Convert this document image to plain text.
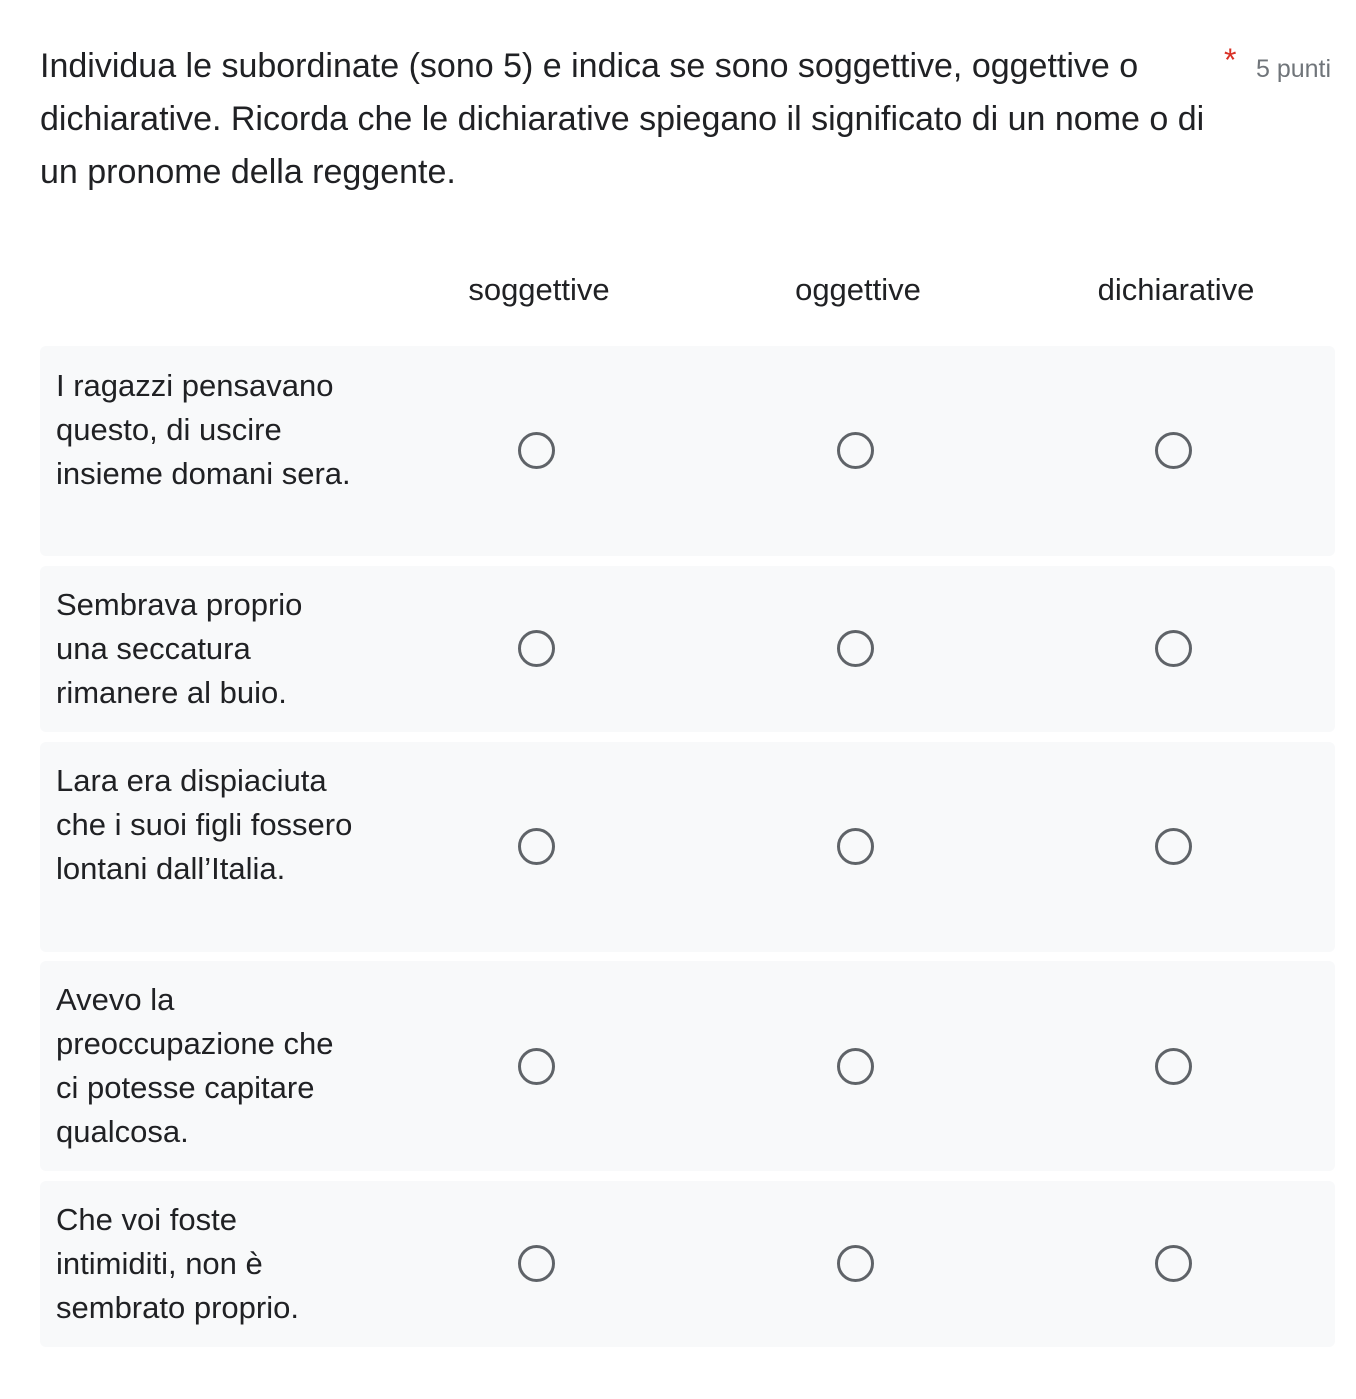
Individua le subordinate (sono 5) e indica se sono soggettive, oggettive o dichiarative. Ricorda che le dichiarative spiegano il significato di un nome o di un pronome della reggente.

* 5 punti
soggettive	oggettive	dichiarative
I ragazzi pensavano questo, di uscire insieme domani sera.
Sembrava proprio una seccatura rimanere al buio.
Lara era dispiaciuta che i suoi figli fossero lontani dall’Italia.
Avevo la preoccupazione che ci potesse capitare qualcosa.
Che voi foste intimiditi, non è sembrato proprio.
